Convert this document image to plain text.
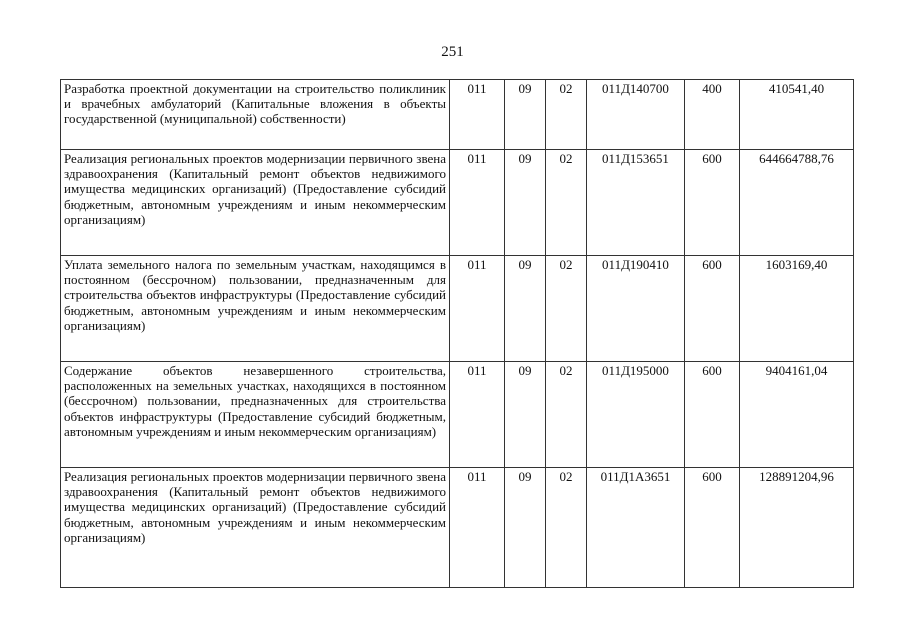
251
Разработка проектной документации на строительство поликлиник и врачебных амбулаторий (Капитальные вложения в объекты государственной (муниципальной) собственности)	011	09	02	011Д140700	400	410541,40
Реализация региональных проектов модернизации первичного звена здравоохранения (Капитальный ремонт объектов недвижимого имущества медицинских организаций) (Предоставление субсидий бюджетным, автономным учреждениям и иным некоммерческим организациям)	011	09	02	011Д153651	600	644664788,76
Уплата земельного налога по земельным участкам, находящимся в постоянном (бессрочном) пользовании, предназначенным для строительства объектов инфраструктуры (Предоставление субсидий бюджетным, автономным учреждениям и иным некоммерческим организациям)	011	09	02	011Д190410	600	1603169,40
Содержание объектов незавершенного строительства, расположенных на земельных участках, находящихся в постоянном (бессрочном) пользовании, предназначенных для строительства объектов инфраструктуры (Предоставление субсидий бюджетным, автономным учреждениям и иным некоммерческим организациям)	011	09	02	011Д195000	600	9404161,04
Реализация региональных проектов модернизации первичного звена здравоохранения (Капитальный ремонт объектов недвижимого имущества медицинских организаций) (Предоставление субсидий бюджетным, автономным учреждениям и иным некоммерческим организациям)	011	09	02	011Д1А3651	600	128891204,96
